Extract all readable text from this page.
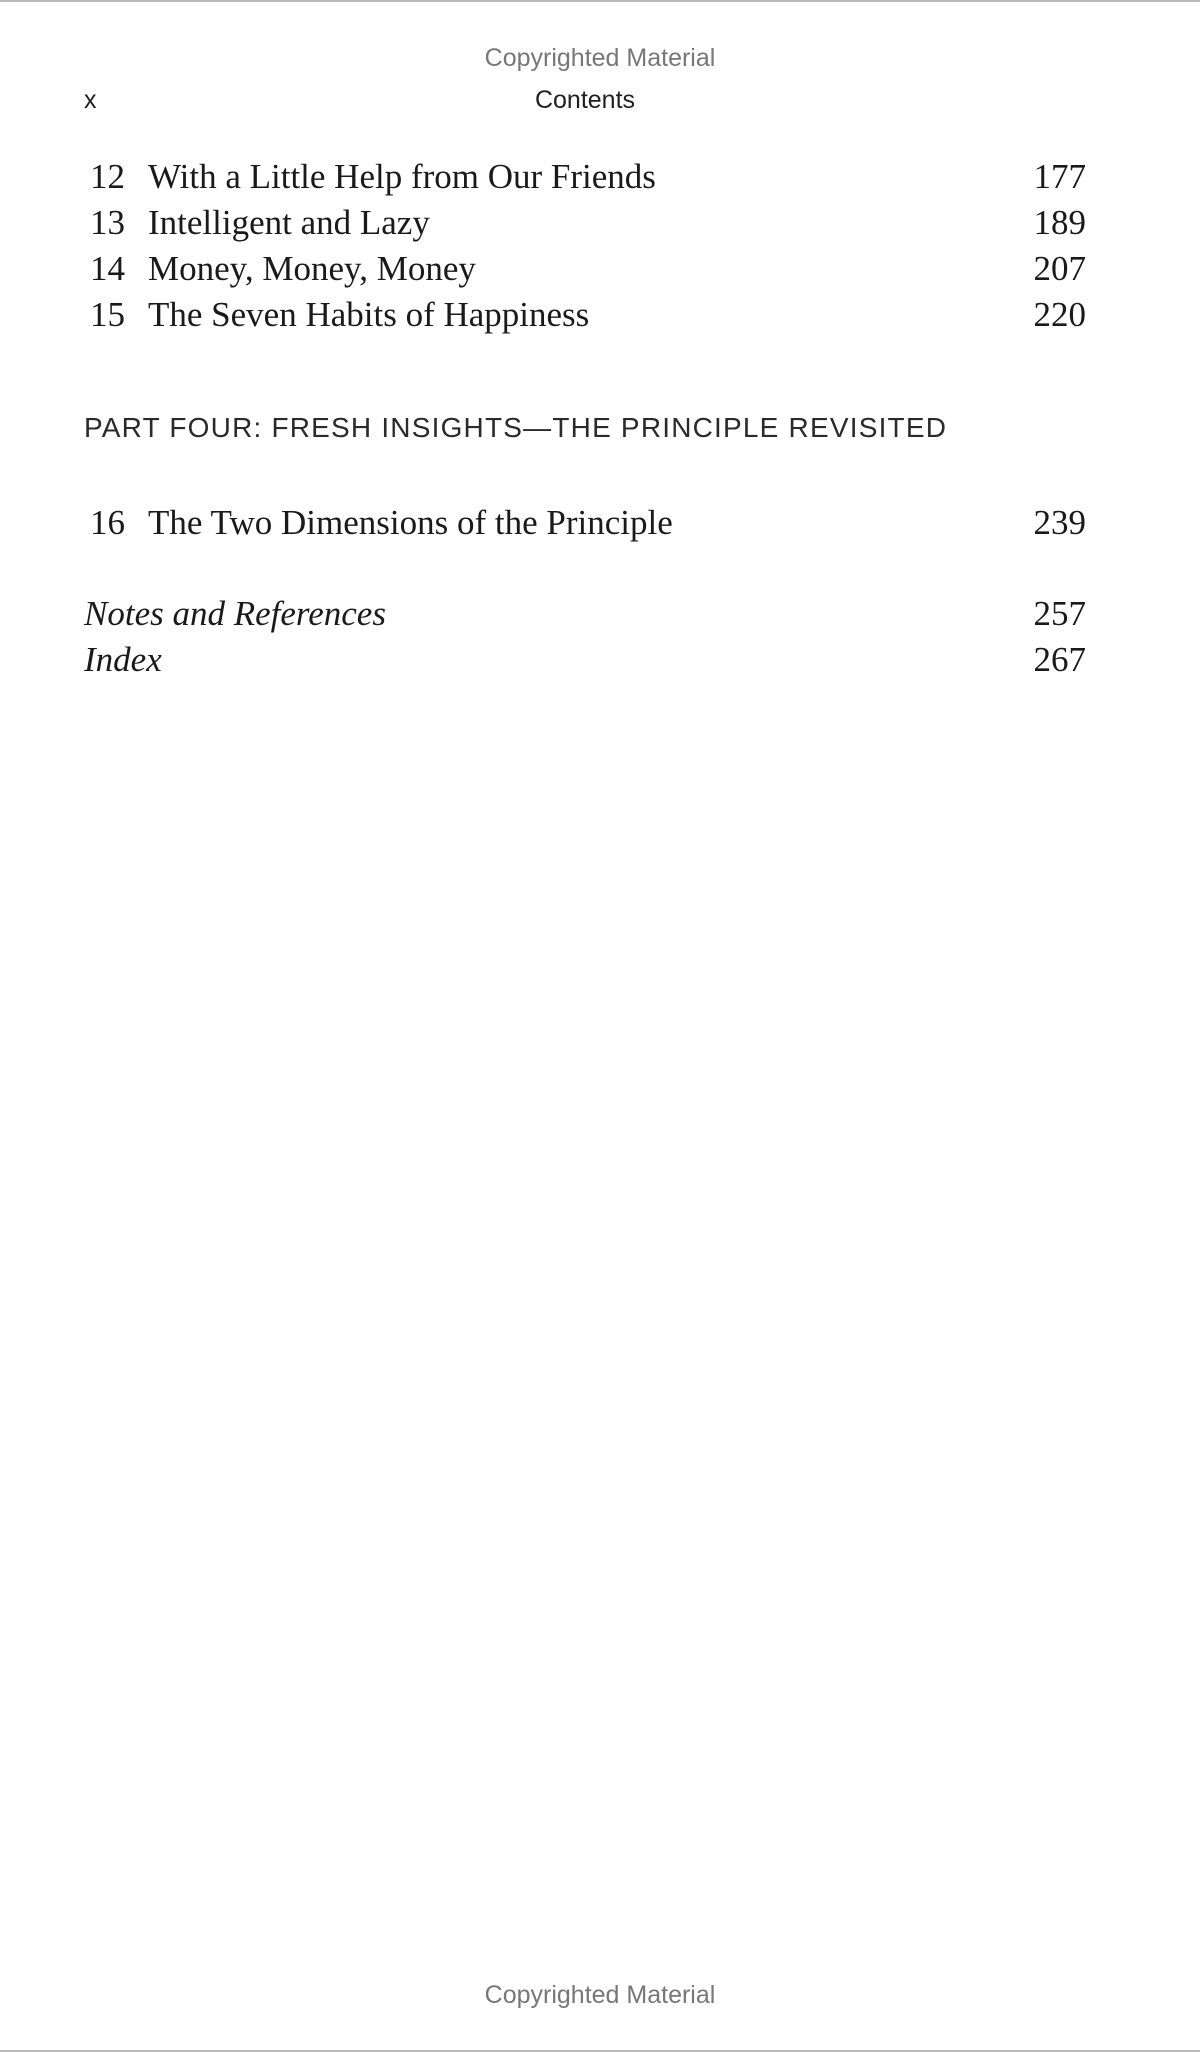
Copyrighted Material
x	Contents
12 With a Little Help from Our Friends	177
13 Intelligent and Lazy	189
14 Money, Money, Money	207
15 The Seven Habits of Happiness	220
PART FOUR: FRESH INSIGHTS—THE PRINCIPLE REVISITED
16 The Two Dimensions of the Principle	239
Notes and References	257
Index	267
Copyrighted Material
